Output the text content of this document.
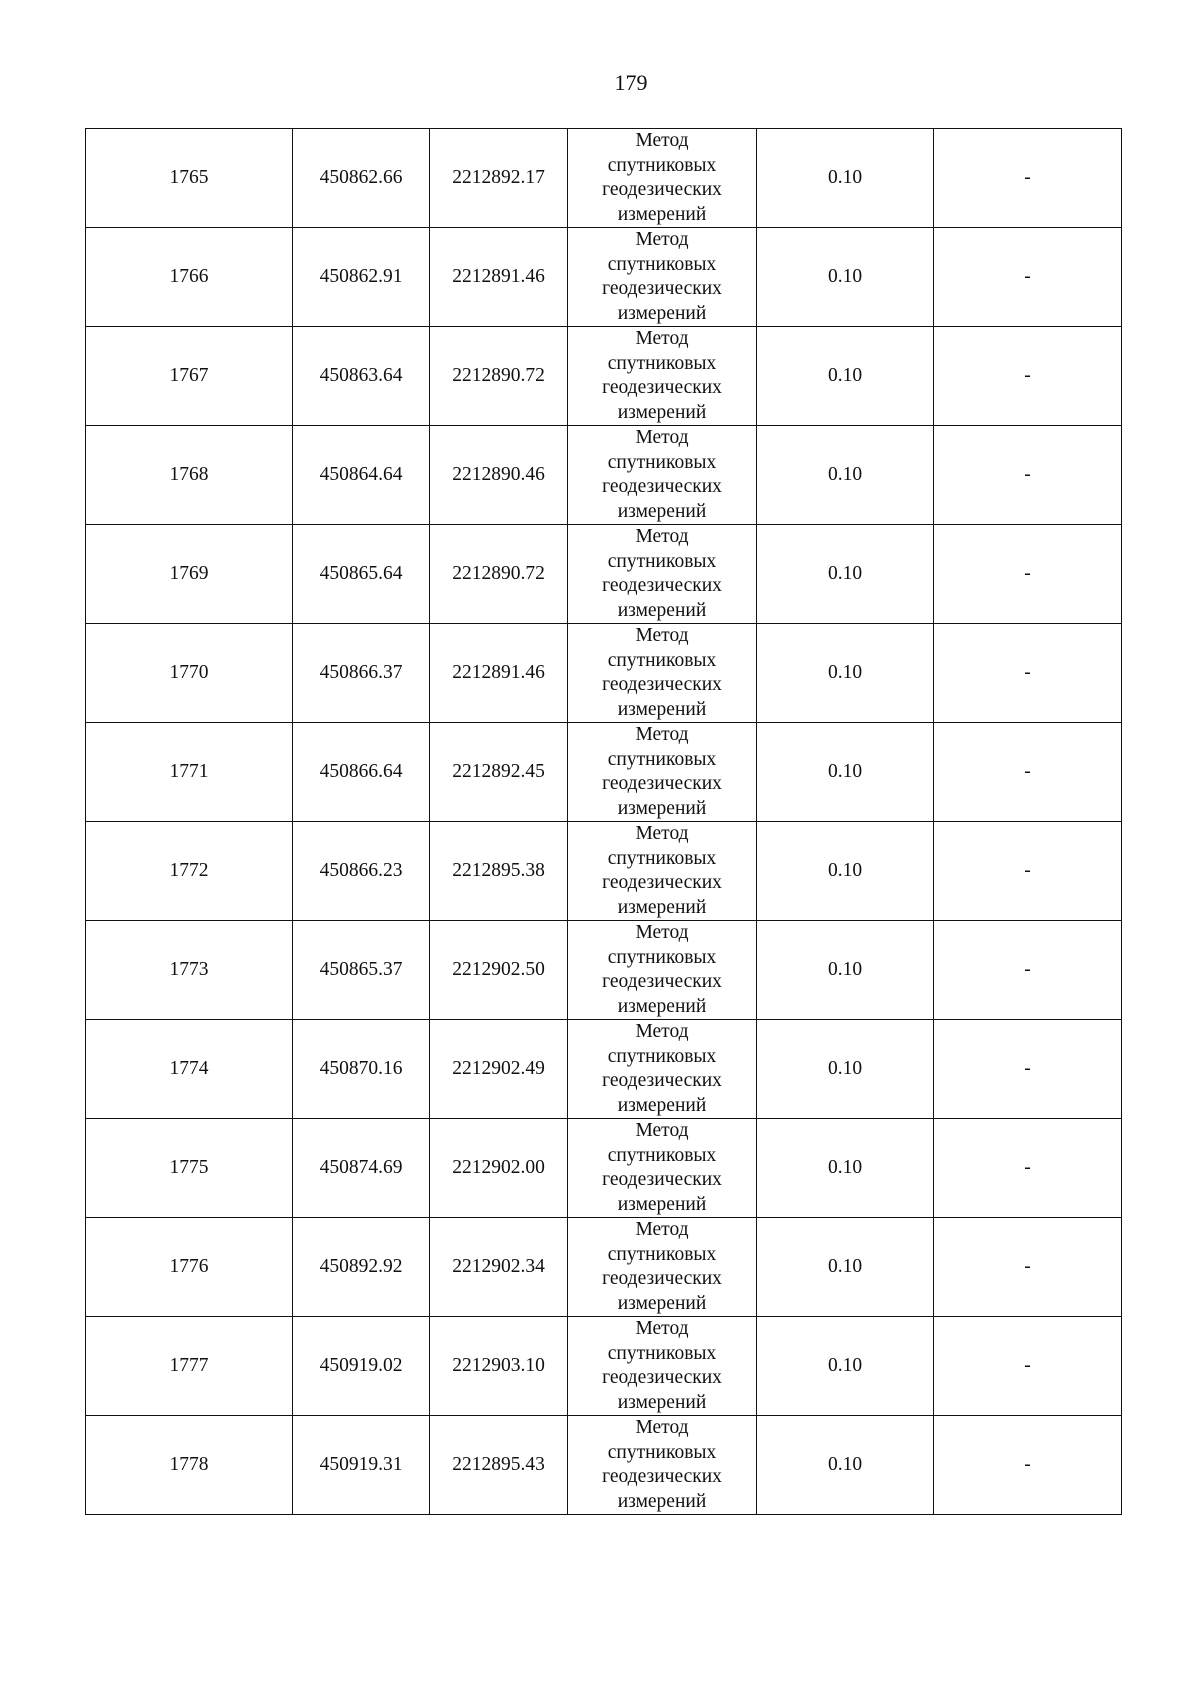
179
1765	450862.66	2212892.17	Метод спутниковых геодезических измерений	0.10	-
1766	450862.91	2212891.46	Метод спутниковых геодезических измерений	0.10	-
1767	450863.64	2212890.72	Метод спутниковых геодезических измерений	0.10	-
1768	450864.64	2212890.46	Метод спутниковых геодезических измерений	0.10	-
1769	450865.64	2212890.72	Метод спутниковых геодезических измерений	0.10	-
1770	450866.37	2212891.46	Метод спутниковых геодезических измерений	0.10	-
1771	450866.64	2212892.45	Метод спутниковых геодезических измерений	0.10	-
1772	450866.23	2212895.38	Метод спутниковых геодезических измерений	0.10	-
1773	450865.37	2212902.50	Метод спутниковых геодезических измерений	0.10	-
1774	450870.16	2212902.49	Метод спутниковых геодезических измерений	0.10	-
1775	450874.69	2212902.00	Метод спутниковых геодезических измерений	0.10	-
1776	450892.92	2212902.34	Метод спутниковых геодезических измерений	0.10	-
1777	450919.02	2212903.10	Метод спутниковых геодезических измерений	0.10	-
1778	450919.31	2212895.43	Метод спутниковых геодезических измерений	0.10	-
